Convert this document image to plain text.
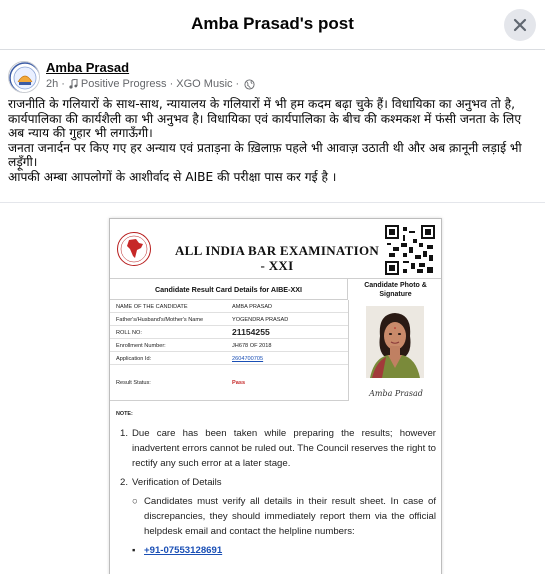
Amba Prasad's post
Amba Prasad
2h · Positive Progress · XGO Music ·

राजनीति के गलियारों के साथ-साथ, न्यायालय के गलियारों में भी हम कदम बढ़ा चुके हैं। विधायिका का अनुभव तो है, कार्यपालिका की कार्यशैली का भी अनुभव है। विधायिका एवं कार्यपालिका के बीच की कश्मकश में फंसी जनता के लिए अब न्याय की गुहार भी लगाऊँगी।

जनता जनार्दन पर किए गए हर अन्याय एवं प्रताड़ना के ख़िलाफ़ पहले भी आवाज़ उठाती थी और अब क़ानूनी लड़ाई भी लड़ूँगी।

आपकी अम्बा आपलोगों के आशीर्वाद से AIBE की परीक्षा पास कर गई है ।

ALL INDIA BAR EXAMINATION - XXI
Candidate Result Card Details for AIBE-XXI	Candidate Photo & Signature
NAME OF THE CANDIDATE	AMBA PRASAD
Father's/Husband's/Mother's Name	YOGENDRA PRASAD
ROLL NO:	21154255
Enrollment Number:	JH678 OF 2018
Application Id:	2604700705
Result Status:	Pass
Amba Prasad
NOTE:
1. Due care has been taken while preparing the results; however inadvertent errors cannot be ruled out. The Council reserves the right to rectify any such error at a later stage.
2. Verification of Details
○ Candidates must verify all details in their result sheet. In case of discrepancies, they should immediately report them via the official helpdesk email and contact the helpline numbers:
▪ +91-07553128691
